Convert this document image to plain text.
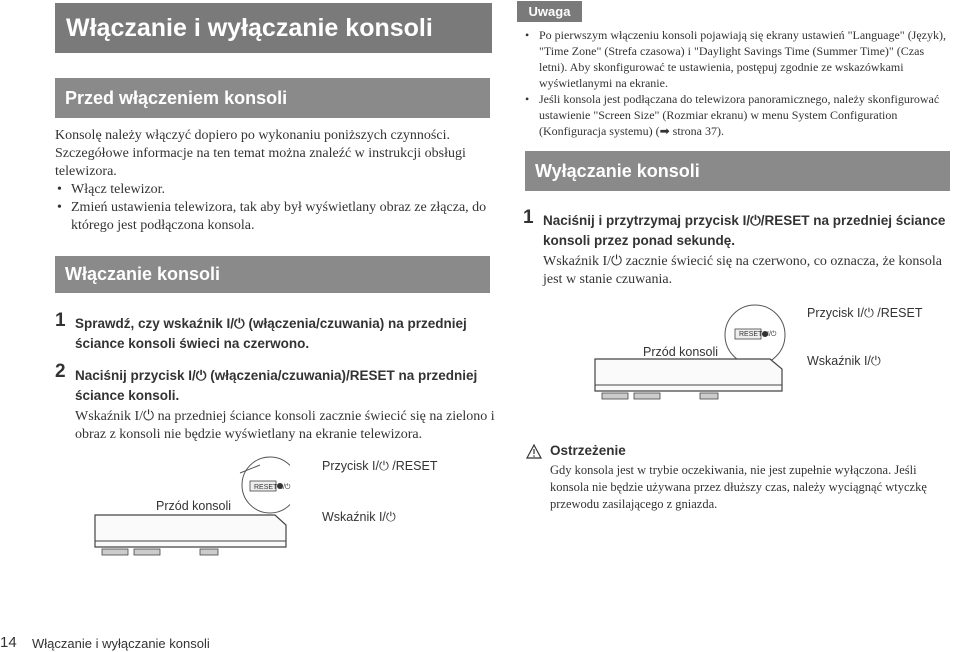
Włączanie i wyłączanie konsoli
Przed włączeniem konsoli
Konsolę należy włączyć dopiero po wykonaniu poniższych czynności. Szczegółowe informacje na ten temat można znaleźć w instrukcji obsługi telewizora.
• Włącz telewizor.
• Zmień ustawienia telewizora, tak aby był wyświetlany obraz ze złącza, do którego jest podłączona konsola.
Włączanie konsoli
1 Sprawdź, czy wskaźnik I/⏻ (włączenia/czuwania) na przedniej ściance konsoli świeci na czerwono.
2 Naciśnij przycisk I/⏻ (włączenia/czuwania)/RESET na przedniej ściance konsoli.
Wskaźnik I/⏻ na przedniej ściance konsoli zacznie świecić się na zielono i obraz z konsoli nie będzie wyświetlany na ekranie telewizora.
Przód konsoli
Przycisk I/⏻ /RESET
Wskaźnik I/⏻
RESET I/⏻
Uwaga
• Po pierwszym włączeniu konsoli pojawiają się ekrany ustawień "Language" (Język), "Time Zone" (Strefa czasowa) i "Daylight Savings Time (Summer Time)" (Czas letni). Aby skonfigurować te ustawienia, postępuj zgodnie ze wskazówkami wyświetlanymi na ekranie.
• Jeśli konsola jest podłączana do telewizora panoramicznego, należy skonfigurować ustawienie "Screen Size" (Rozmiar ekranu) w menu System Configuration (Konfiguracja systemu) (➡ strona 37).
Wyłączanie konsoli
1 Naciśnij i przytrzymaj przycisk I/⏻/RESET na przedniej ściance konsoli przez ponad sekundę.
Wskaźnik I/⏻ zacznie świecić się na czerwono, co oznacza, że konsola jest w stanie czuwania.
Przód konsoli
Przycisk I/⏻ /RESET
Wskaźnik I/⏻
RESET I/⏻
Ostrzeżenie
Gdy konsola jest w trybie oczekiwania, nie jest zupełnie wyłączona. Jeśli konsola nie będzie używana przez dłuższy czas, należy wyciągnąć wtyczkę przewodu zasilającego z gniazda.
14 Włączanie i wyłączanie konsoli
